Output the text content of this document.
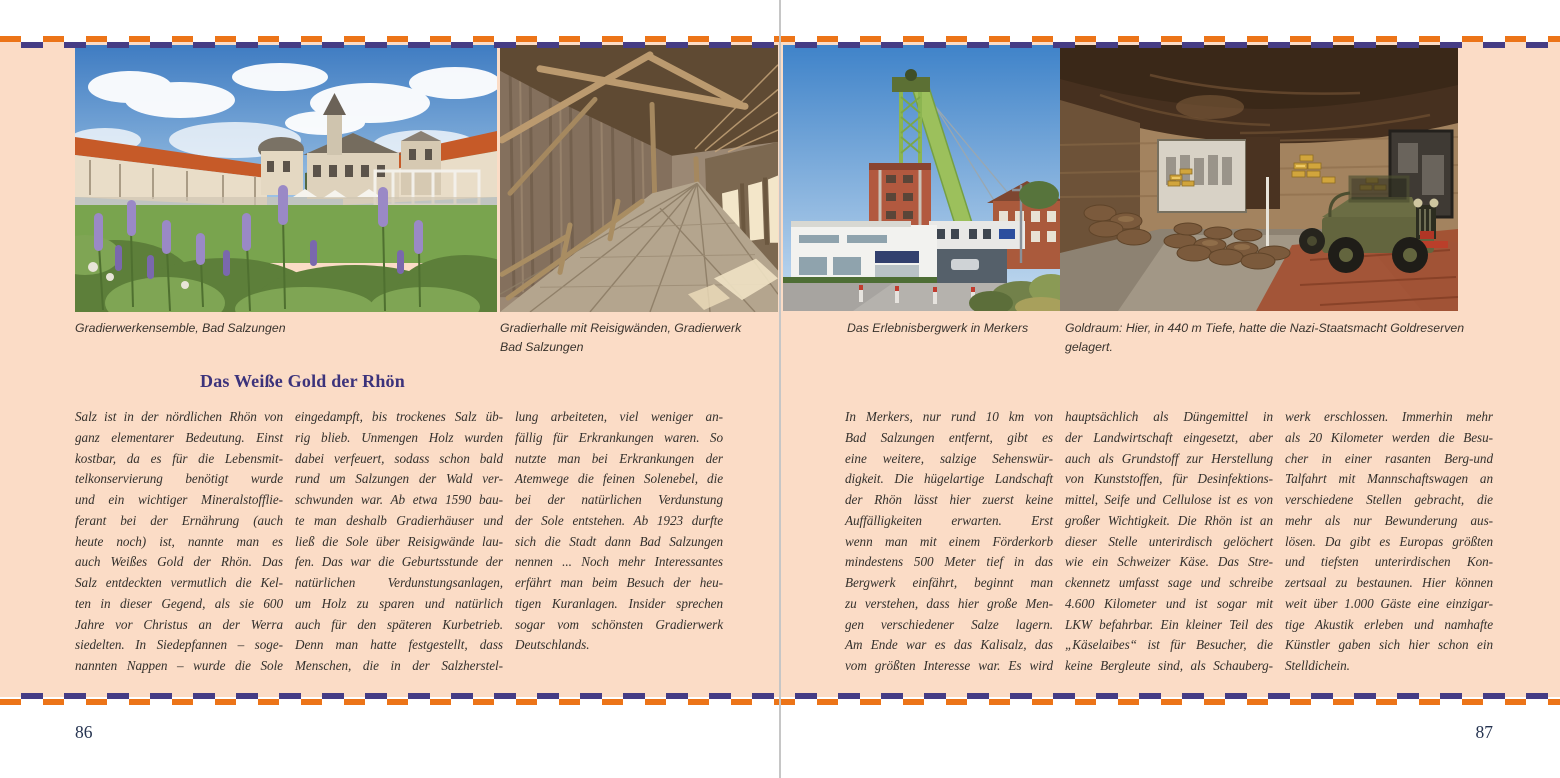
Gradierwerkensemble, Bad Salzungen	Gradierhalle mit Reisigwänden, Gradierwerk Bad Salzungen
Das Erlebnisbergwerk in Merkers	Goldraum: Hier, in 440 m Tiefe, hatte die Nazi-Staatsmacht Goldreserven gelagert.
Das Weiße Gold der Rhön
Salz ist in der nördlichen Rhön von
ganz elementarer Bedeutung. Einst
kostbar, da es für die Lebensmit-
telkonservierung benötigt wurde
und ein wichtiger Mineralstofflie-
ferant bei der Ernährung (auch
heute noch) ist, nannte man es
auch Weißes Gold der Rhön. Das
Salz entdeckten vermutlich die Kel-
ten in dieser Gegend, als sie 600
Jahre vor Christus an der Werra
siedelten. In Siedepfannen – soge-
nannten Nappen – wurde die Sole
eingedampft, bis trockenes Salz üb-
rig blieb. Unmengen Holz wurden
dabei verfeuert, sodass schon bald
rund um Salzungen der Wald ver-
schwunden war. Ab etwa 1590 bau-
te man deshalb Gradierhäuser und
ließ die Sole über Reisigwände lau-
fen. Das war die Geburtsstunde der
natürlichen Verdunstungsanlagen,
um Holz zu sparen und natürlich
auch für den späteren Kurbetrieb.
Denn man hatte festgestellt, dass
Menschen, die in der Salzherstel-
lung arbeiteten, viel weniger an-
fällig für Erkrankungen waren. So
nutzte man bei Erkrankungen der
Atemwege die feinen Solenebel, die
bei der natürlichen Verdunstung
der Sole entstehen. Ab 1923 durfte
sich die Stadt dann Bad Salzungen
nennen ... Noch mehr Interessantes
erfährt man beim Besuch der heu-
tigen Kuranlagen. Insider sprechen
sogar vom schönsten Gradierwerk
Deutschlands.
In Merkers, nur rund 10 km von
Bad Salzungen entfernt, gibt es
eine weitere, salzige Sehenswür-
digkeit. Die hügelartige Landschaft
der Rhön lässt hier zuerst keine
Auffälligkeiten erwarten. Erst
wenn man mit einem Förderkorb
mindestens 500 Meter tief in das
Bergwerk einfährt, beginnt man
zu verstehen, dass hier große Men-
gen verschiedener Salze lagern.
Am Ende war es das Kalisalz, das
vom größten Interesse war. Es wird
hauptsächlich als Düngemittel in
der Landwirtschaft eingesetzt, aber
auch als Grundstoff zur Herstellung
von Kunststoffen, für Desinfektions-
mittel, Seife und Cellulose ist es von
großer Wichtigkeit. Die Rhön ist an
dieser Stelle unterirdisch gelöchert
wie ein Schweizer Käse. Das Stre-
ckennetz umfasst sage und schreibe
4.600 Kilometer und ist sogar mit
LKW befahrbar. Ein kleiner Teil des
„Käselaibes“ ist für Besucher, die
keine Bergleute sind, als Schauberg-
werk erschlossen. Immerhin mehr
als 20 Kilometer werden die Besu-
cher in einer rasanten Berg-und
Talfahrt mit Mannschaftswagen an
verschiedene Stellen gebracht, die
mehr als nur Bewunderung aus-
lösen. Da gibt es Europas größten
und tiefsten unterirdischen Kon-
zertsaal zu bestaunen. Hier können
weit über 1.000 Gäste eine einzigar-
tige Akustik erleben und namhafte
Künstler gaben sich hier schon ein
Stelldichein.
86	87
